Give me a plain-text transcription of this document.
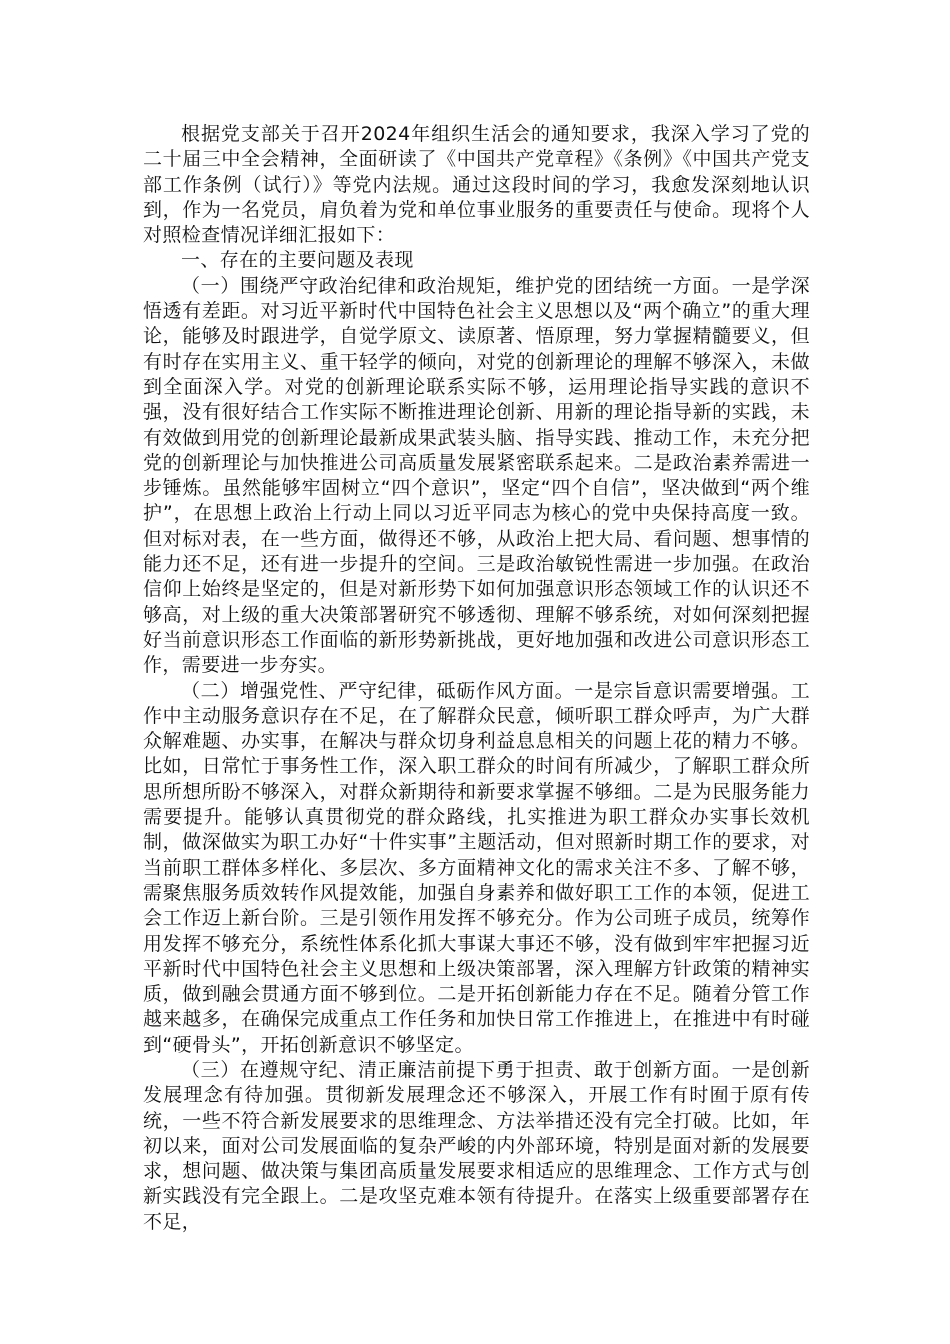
根据党支部关于召开2024年组织生活会的通知要求，我深入学习了党的二十届三中全会精神，全面研读了《中国共产党章程》《条例》《中国共产党支部工作条例（试行）》等党内法规。通过这段时间的学习，我愈发深刻地认识到，作为一名党员，肩负着为党和单位事业服务的重要责任与使命。现将个人对照检查情况详细汇报如下：

一、存在的主要问题及表现

（一）围绕严守政治纪律和政治规矩，维护党的团结统一方面。一是学深悟透有差距。对习近平新时代中国特色社会主义思想以及“两个确立”的重大理论，能够及时跟进学，自觉学原文、读原著、悟原理，努力掌握精髓要义，但有时存在实用主义、重干轻学的倾向，对党的创新理论的理解不够深入，未做到全面深入学。对党的创新理论联系实际不够，运用理论指导实践的意识不强，没有很好结合工作实际不断推进理论创新、用新的理论指导新的实践，未有效做到用党的创新理论最新成果武装头脑、指导实践、推动工作，未充分把党的创新理论与加快推进公司高质量发展紧密联系起来。二是政治素养需进一步锤炼。虽然能够牢固树立“四个意识”，坚定“四个自信”，坚决做到“两个维护”，在思想上政治上行动上同以习近平同志为核心的党中央保持高度一致。但对标对表，在一些方面，做得还不够，从政治上把大局、看问题、想事情的能力还不足，还有进一步提升的空间。三是政治敏锐性需进一步加强。在政治信仰上始终是坚定的，但是对新形势下如何加强意识形态领域工作的认识还不够高，对上级的重大决策部署研究不够透彻、理解不够系统，对如何深刻把握好当前意识形态工作面临的新形势新挑战，更好地加强和改进公司意识形态工作，需要进一步夯实。

（二）增强党性、严守纪律，砥砺作风方面。一是宗旨意识需要增强。工作中主动服务意识存在不足，在了解群众民意，倾听职工群众呼声，为广大群众解难题、办实事，在解决与群众切身利益息息相关的问题上花的精力不够。比如，日常忙于事务性工作，深入职工群众的时间有所减少，了解职工群众所思所想所盼不够深入，对群众新期待和新要求掌握不够细。二是为民服务能力需要提升。能够认真贯彻党的群众路线，扎实推进为职工群众办实事长效机制，做深做实为职工办好“十件实事”主题活动，但对照新时期工作的要求，对当前职工群体多样化、多层次、多方面精神文化的需求关注不多、了解不够，需聚焦服务质效转作风提效能，加强自身素养和做好职工工作的本领，促进工会工作迈上新台阶。三是引领作用发挥不够充分。作为公司班子成员，统筹作用发挥不够充分，系统性体系化抓大事谋大事还不够，没有做到牢牢把握习近平新时代中国特色社会主义思想和上级决策部署，深入理解方针政策的精神实质，做到融会贯通方面不够到位。二是开拓创新能力存在不足。随着分管工作越来越多，在确保完成重点工作任务和加快日常工作推进上，在推进中有时碰到“硬骨头”，开拓创新意识不够坚定。

（三）在遵规守纪、清正廉洁前提下勇于担责、敢于创新方面。一是创新发展理念有待加强。贯彻新发展理念还不够深入，开展工作有时囿于原有传统，一些不符合新发展要求的思维理念、方法举措还没有完全打破。比如，年初以来，面对公司发展面临的复杂严峻的内外部环境，特别是面对新的发展要求，想问题、做决策与集团高质量发展要求相适应的思维理念、工作方式与创新实践没有完全跟上。二是攻坚克难本领有待提升。在落实上级重要部署存在不足，
